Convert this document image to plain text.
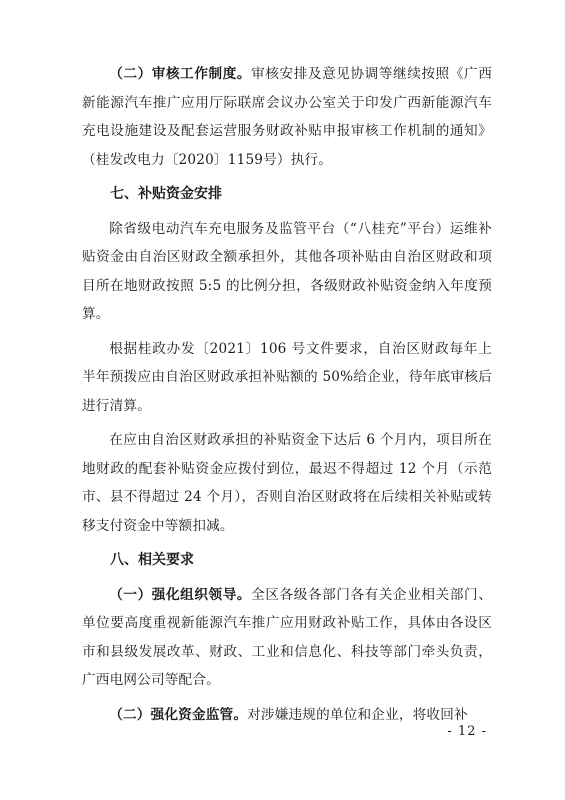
（二）审核工作制度。审核安排及意见协调等继续按照《广西新能源汽车推广应用厅际联席会议办公室关于印发广西新能源汽车充电设施建设及配套运营服务财政补贴申报审核工作机制的通知》（桂发改电力〔2020〕1159号）执行。

七、补贴资金安排

除省级电动汽车充电服务及监管平台（“八桂充”平台）运维补贴资金由自治区财政全额承担外，其他各项补贴由自治区财政和项目所在地财政按照 5:5 的比例分担，各级财政补贴资金纳入年度预算。

根据桂政办发〔2021〕106 号文件要求，自治区财政每年上半年预拨应由自治区财政承担补贴额的 50%给企业，待年底审核后进行清算。

在应由自治区财政承担的补贴资金下达后 6 个月内，项目所在地财政的配套补贴资金应拨付到位，最迟不得超过 12 个月（示范市、县不得超过 24 个月），否则自治区财政将在后续相关补贴或转移支付资金中等额扣减。

八、相关要求

（一）强化组织领导。全区各级各部门各有关企业相关部门、单位要高度重视新能源汽车推广应用财政补贴工作，具体由各设区市和县级发展改革、财政、工业和信息化、科技等部门牵头负责，广西电网公司等配合。

（二）强化资金监管。对涉嫌违规的单位和企业，将收回补

- 12 -
